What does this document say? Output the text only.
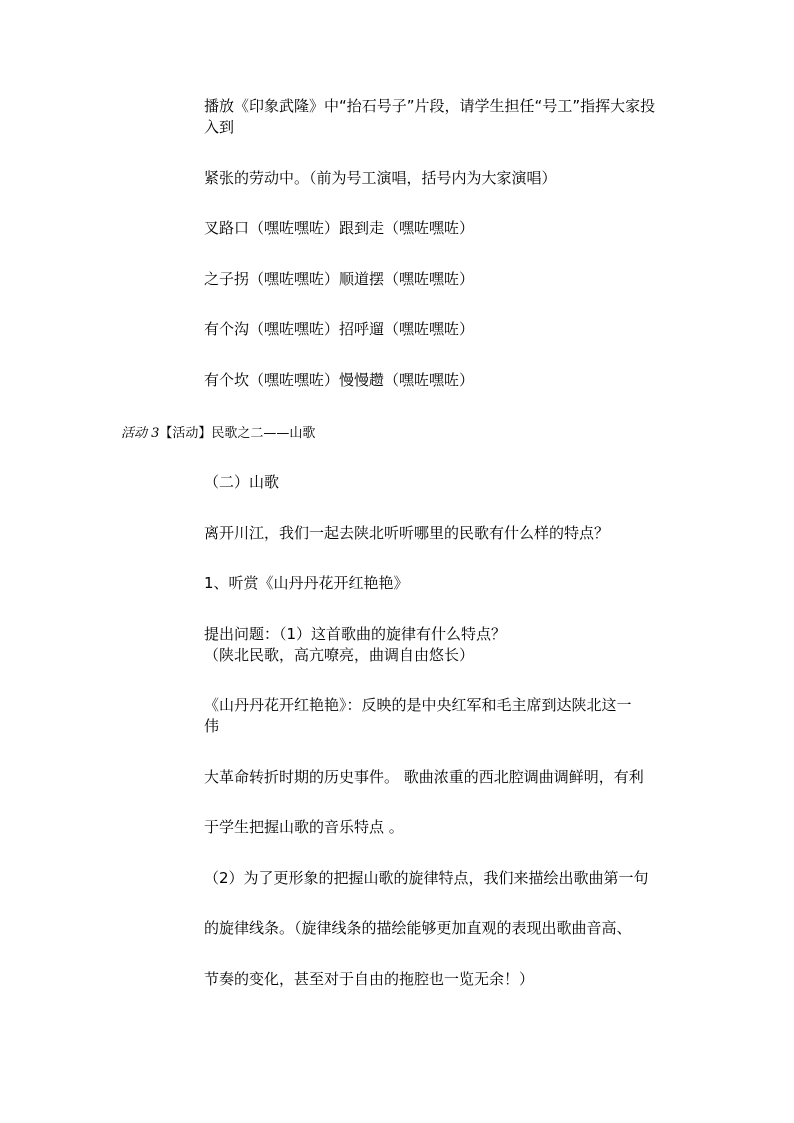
播放《印象武隆》中“抬石号子”片段，请学生担任“号工”指挥大家投
入到
紧张的劳动中。（前为号工演唱，括号内为大家演唱）
叉路口（嘿咗嘿咗）跟到走（嘿咗嘿咗）
之子拐（嘿咗嘿咗）顺道摆（嘿咗嘿咗）
有个沟（嘿咗嘿咗）招呼遛（嘿咗嘿咗）
有个坎（嘿咗嘿咗）慢慢趱（嘿咗嘿咗）
活动 3【活动】民歌之二——山歌
（二）山歌
离开川江，我们一起去陕北听听哪里的民歌有什么样的特点？
1、听赏《山丹丹花开红艳艳》
提出问题：（1）这首歌曲的旋律有什么特点？
（陕北民歌，高亢嘹亮，曲调自由悠长）
《山丹丹花开红艳艳》：反映的是中央红军和毛主席到达陕北这一
伟
大革命转折时期的历史事件。 歌曲浓重的西北腔调曲调鲜明，有利
于学生把握山歌的音乐特点 。
（2）为了更形象的把握山歌的旋律特点，我们来描绘出歌曲第一句
的旋律线条。（旋律线条的描绘能够更加直观的表现出歌曲音高、
节奏的变化，甚至对于自由的拖腔也一览无余！）
